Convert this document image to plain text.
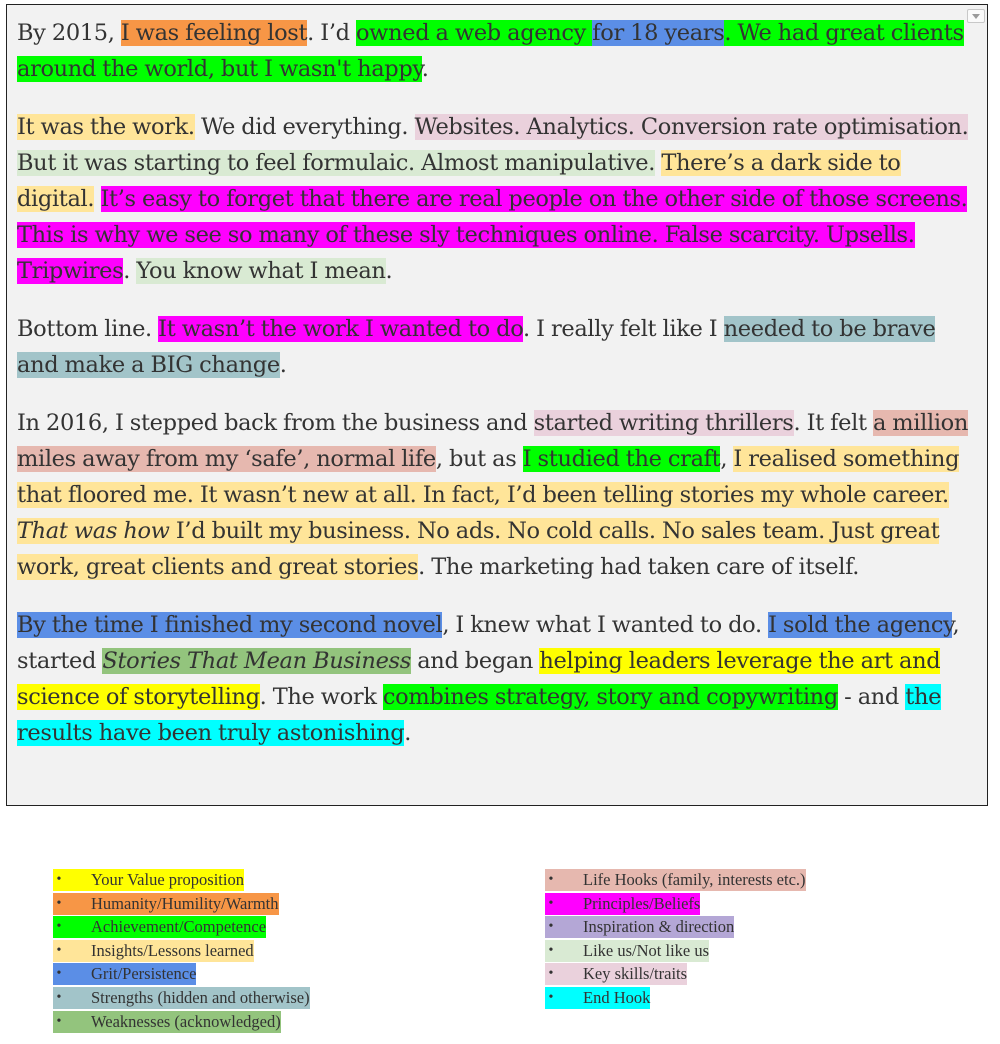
By 2015, I was feeling lost. I’d owned a web agency for 18 years. We had great clients around the world, but I wasn't happy.

It was the work. We did everything. Websites. Analytics. Conversion rate optimisation. But it was starting to feel formulaic. Almost manipulative. There’s a dark side to digital. It’s easy to forget that there are real people on the other side of those screens. This is why we see so many of these sly techniques online. False scarcity. Upsells. Tripwires. You know what I mean.

Bottom line. It wasn’t the work I wanted to do. I really felt like I needed to be brave and make a BIG change.

In 2016, I stepped back from the business and started writing thrillers. It felt a million miles away from my ‘safe’, normal life, but as I studied the craft, I realised something that floored me. It wasn’t new at all. In fact, I’d been telling stories my whole career. That was how I’d built my business. No ads. No cold calls. No sales team. Just great work, great clients and great stories. The marketing had taken care of itself.

By the time I finished my second novel, I knew what I wanted to do. I sold the agency, started Stories That Mean Business and began helping leaders leverage the art and science of storytelling. The work combines strategy, story and copywriting - and the results have been truly astonishing.

• Your Value proposition
• Humanity/Humility/Warmth
• Achievement/Competence
• Insights/Lessons learned
• Grit/Persistence
• Strengths (hidden and otherwise)
• Weaknesses (acknowledged)
• Life Hooks (family, interests etc.)
• Principles/Beliefs
• Inspiration & direction
• Like us/Not like us
• Key skills/traits
• End Hook
